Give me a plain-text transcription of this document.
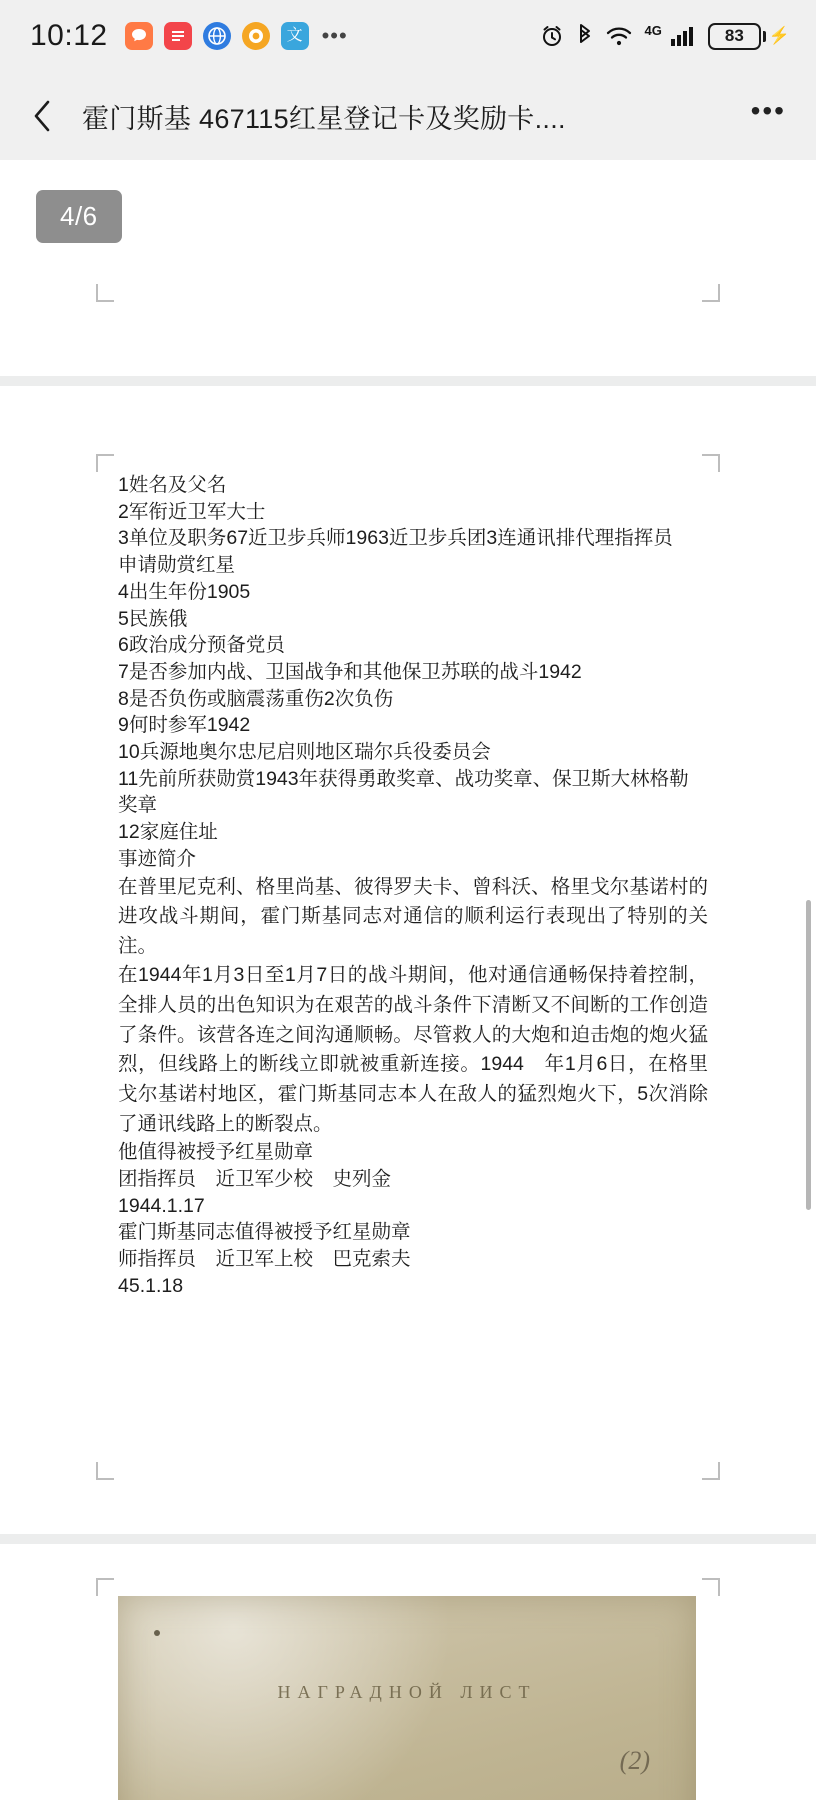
10:12	文 •••	4G	83	⚡
霍门斯基 467115红星登记卡及奖励卡....	•••
4/6

1姓名及父名

2军衔近卫军大士

3单位及职务67近卫步兵师1963近卫步兵团3连通讯排代理指挥员

申请勋赏红星

4出生年份1905

5民族俄

6政治成分预备党员

7是否参加内战、卫国战争和其他保卫苏联的战斗1942

8是否负伤或脑震荡重伤2次负伤

9何时参军1942

10兵源地奥尔忠尼启则地区瑞尔兵役委员会

11先前所获勋赏1943年获得勇敢奖章、战功奖章、保卫斯大林格勒奖章

12家庭住址

事迹简介

在普里尼克利、格里尚基、彼得罗夫卡、曾科沃、格里戈尔基诺村的进攻战斗期间，霍门斯基同志对通信的顺利运行表现出了特别的关注。

在1944年1月3日至1月7日的战斗期间，他对通信通畅保持着控制，全排人员的出色知识为在艰苦的战斗条件下清断又不间断的工作创造了条件。该营各连之间沟通顺畅。尽管救人的大炮和迫击炮的炮火猛烈，但线路上的断线立即就被重新连接。1944　年1月6日，在格里戈尔基诺村地区，霍门斯基同志本人在敌人的猛烈炮火下，5次消除了通讯线路上的断裂点。

他值得被授予红星勋章

团指挥员　近卫军少校　史列金

1944.1.17

霍门斯基同志值得被授予红星勋章

师指挥员　近卫军上校　巴克索夫

45.1.18

НАГРАДНОЙ ЛИСТ
(2)
